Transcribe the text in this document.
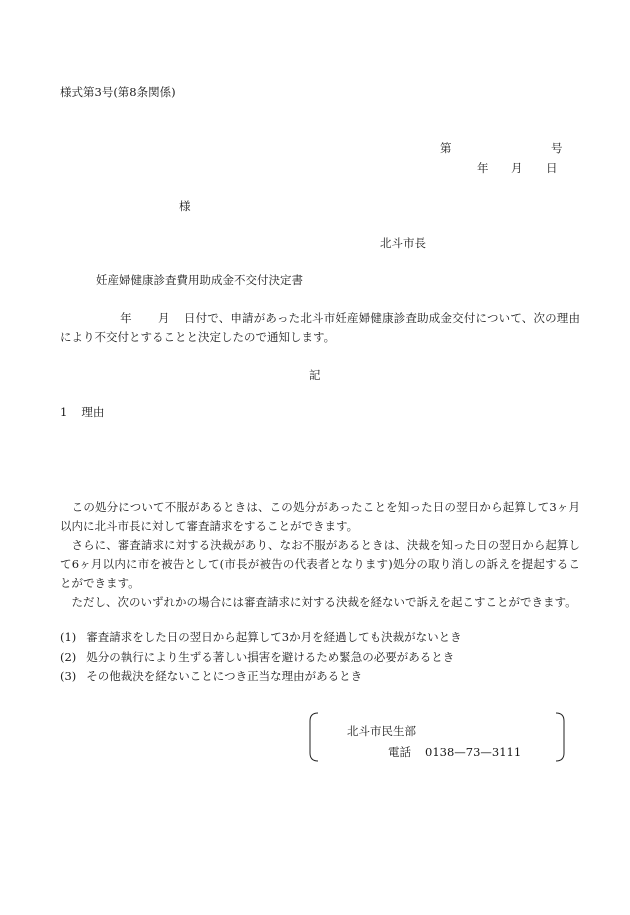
様式第3号(第8条関係)
第	号
年 月 日
様
北斗市長
妊産婦健康診査費用助成金不交付決定書
年 月 日付で、申請があった北斗市妊産婦健康診査助成金交付について、次の理由により不交付とすることと決定したので通知します。
記
1 理由
　この処分について不服があるときは、この処分があったことを知った日の翌日から起算して3ヶ月以内に北斗市長に対して審査請求をすることができます。
　さらに、審査請求に対する決裁があり、なお不服があるときは、決裁を知った日の翌日から起算して6ヶ月以内に市を被告として(市長が被告の代表者となります)処分の取り消しの訴えを提起することができます。
　ただし、次のいずれかの場合には審査請求に対する決裁を経ないで訴えを起こすことができます。
(1) 審査請求をした日の翌日から起算して3か月を経過しても決裁がないとき
(2) 処分の執行により生ずる著しい損害を避けるため緊急の必要があるとき
(3) その他裁決を経ないことにつき正当な理由があるとき
北斗市民生部
電話 0138—73—3111
